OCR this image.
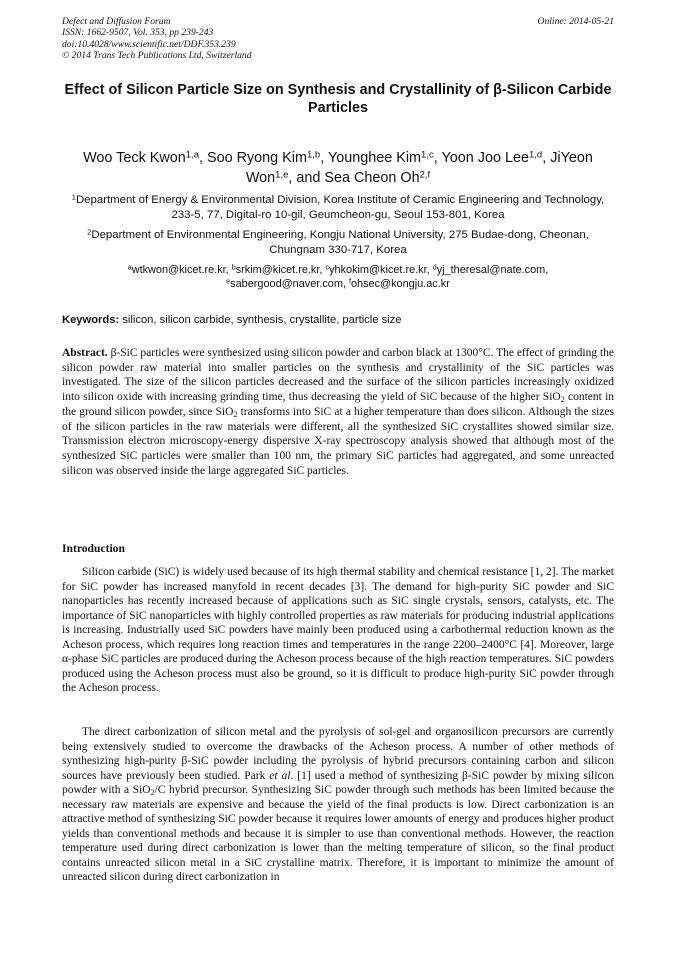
Defect and Diffusion Forum
ISSN: 1662-9507, Vol. 353, pp 239-243
doi:10.4028/www.scientific.net/DDF.353.239
© 2014 Trans Tech Publications Ltd, Switzerland
Online: 2014-05-21
Effect of Silicon Particle Size on Synthesis and Crystallinity of β-Silicon Carbide Particles
Woo Teck Kwon$^{1,a}$, Soo Ryong Kim$^{1,b}$, Younghee Kim$^{1,c}$, Yoon Joo Lee$^{1,d}$, JiYeon Won$^{1,e}$, and Sea Cheon Oh$^{2,f}$
$^1$Department of Energy & Environmental Division, Korea Institute of Ceramic Engineering and Technology, 233-5, 77, Digital-ro 10-gil, Geumcheon-gu, Seoul 153-801, Korea
$^2$Department of Environmental Engineering, Kongju National University, 275 Budae-dong, Cheonan, Chungnam 330-717, Korea
$^a$wtkwon@kicet.re.kr, $^b$srkim@kicet.re.kr, $^c$yhkokim@kicet.re.kr, $^d$yj_theresal@nate.com,
$^e$sabergood@naver.com, $^f$ohsec@kongju.ac.kr
Keywords: silicon, silicon carbide, synthesis, crystallite, particle size
Abstract. β-SiC particles were synthesized using silicon powder and carbon black at 1300°C. The effect of grinding the silicon powder raw material into smaller particles on the synthesis and crystallinity of the SiC particles was investigated. The size of the silicon particles decreased and the surface of the silicon particles increasingly oxidized into silicon oxide with increasing grinding time, thus decreasing the yield of SiC because of the higher SiO$_2$ content in the ground silicon powder, since SiO$_2$ transforms into SiC at a higher temperature than does silicon. Although the sizes of the silicon particles in the raw materials were different, all the synthesized SiC crystallites showed similar size. Transmission electron microscopy-energy dispersive X-ray spectroscopy analysis showed that although most of the synthesized SiC particles were smaller than 100 nm, the primary SiC particles had aggregated, and some unreacted silicon was observed inside the large aggregated SiC particles.
Introduction
Silicon carbide (SiC) is widely used because of its high thermal stability and chemical resistance [1, 2]. The market for SiC powder has increased manyfold in recent decades [3]. The demand for high-purity SiC powder and SiC nanoparticles has recently increased because of applications such as SiC single crystals, sensors, catalysts, etc. The importance of SiC nanoparticles with highly controlled properties as raw materials for producing industrial applications is increasing. Industrially used SiC powders have mainly been produced using a carbothermal reduction known as the Acheson process, which requires long reaction times and temperatures in the range 2200–2400°C [4]. Moreover, large α-phase SiC particles are produced during the Acheson process because of the high reaction temperatures. SiC powders produced using the Acheson process must also be ground, so it is difficult to produce high-purity SiC powder through the Acheson process.
The direct carbonization of silicon metal and the pyrolysis of sol-gel and organosilicon precursors are currently being extensively studied to overcome the drawbacks of the Acheson process. A number of other methods of synthesizing high-purity β-SiC powder including the pyrolysis of hybrid precursors containing carbon and silicon sources have previously been studied. Park et al. [1] used a method of synthesizing β-SiC powder by mixing silicon powder with a SiO$_2$/C hybrid precursor. Synthesizing SiC powder through such methods has been limited because the necessary raw materials are expensive and because the yield of the final products is low. Direct carbonization is an attractive method of synthesizing SiC powder because it requires lower amounts of energy and produces higher product yields than conventional methods and because it is simpler to use than conventional methods. However, the reaction temperature used during direct carbonization is lower than the melting temperature of silicon, so the final product contains unreacted silicon metal in a SiC crystalline matrix. Therefore, it is important to minimize the amount of unreacted silicon during direct carbonization in
